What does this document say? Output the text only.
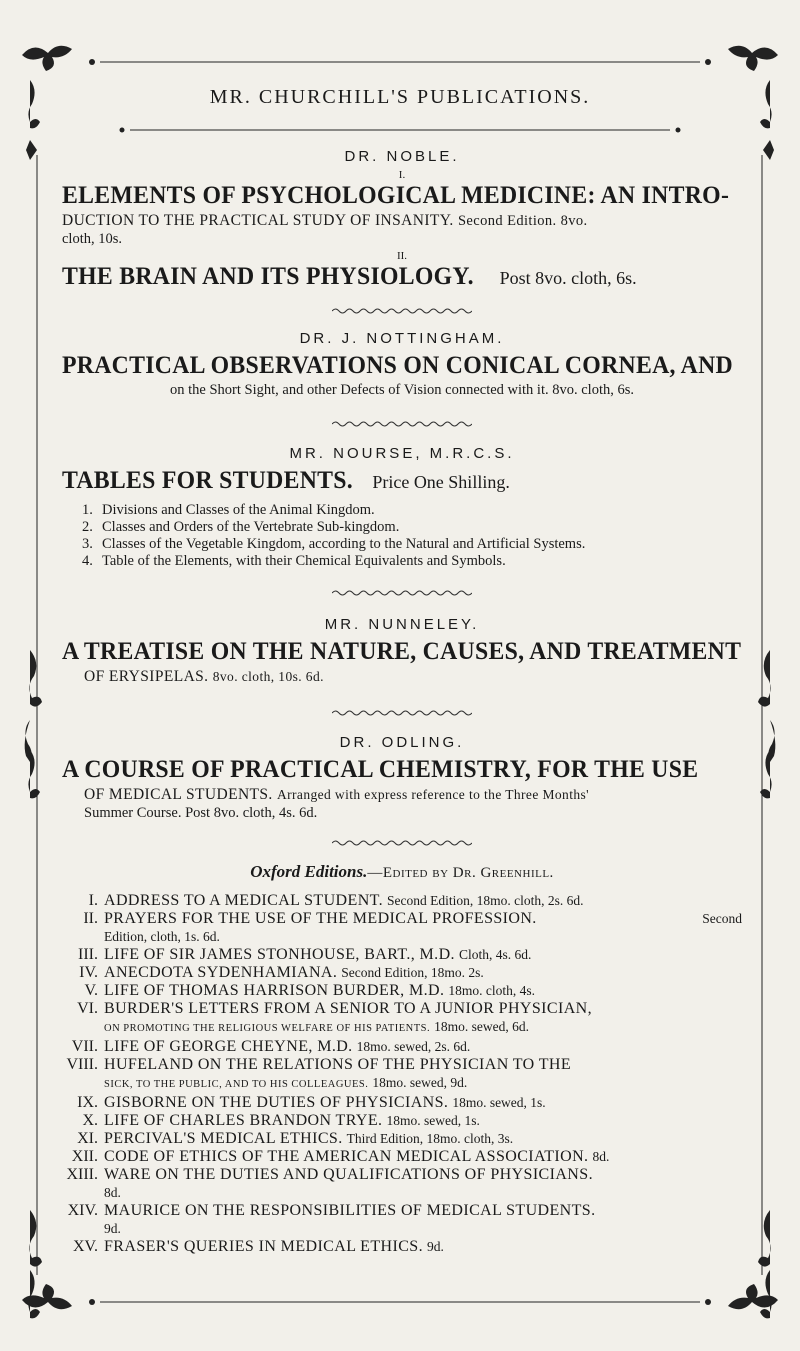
MR. CHURCHILL'S PUBLICATIONS.
DR. NOBLE.
I.
ELEMENTS OF PSYCHOLOGICAL MEDICINE: AN INTRO-
DUCTION TO THE PRACTICAL STUDY OF INSANITY. Second Edition. 8vo.
cloth, 10s.
II.
THE BRAIN AND ITS PHYSIOLOGY. Post 8vo. cloth, 6s.
DR. J. NOTTINGHAM.
PRACTICAL OBSERVATIONS ON CONICAL CORNEA, AND
on the Short Sight, and other Defects of Vision connected with it. 8vo. cloth, 6s.
MR. NOURSE, M.R.C.S.
TABLES FOR STUDENTS. Price One Shilling.
1. Divisions and Classes of the Animal Kingdom.
2. Classes and Orders of the Vertebrate Sub-kingdom.
3. Classes of the Vegetable Kingdom, according to the Natural and Artificial Systems.
4. Table of the Elements, with their Chemical Equivalents and Symbols.
MR. NUNNELEY.
A TREATISE ON THE NATURE, CAUSES, AND TREATMENT
OF ERYSIPELAS. 8vo. cloth, 10s. 6d.
DR. ODLING.
A COURSE OF PRACTICAL CHEMISTRY, FOR THE USE
OF MEDICAL STUDENTS. Arranged with express reference to the Three Months'
Summer Course. Post 8vo. cloth, 4s. 6d.
Oxford Editions.—Edited by Dr. Greenhill.
I. ADDRESS TO A MEDICAL STUDENT. Second Edition, 18mo. cloth, 2s. 6d.
II. PRAYERS FOR THE USE OF THE MEDICAL PROFESSION.	Second

Edition, cloth, 1s. 6d.
III. LIFE OF SIR JAMES STONHOUSE, BART., M.D. Cloth, 4s. 6d.
IV. ANECDOTA SYDENHAMIANA. Second Edition, 18mo. 2s.
V. LIFE OF THOMAS HARRISON BURDER, M.D. 18mo. cloth, 4s.
VI. BURDER'S LETTERS FROM A SENIOR TO A JUNIOR PHYSICIAN,
ON PROMOTING THE RELIGIOUS WELFARE OF HIS PATIENTS. 18mo. sewed, 6d.
VII. LIFE OF GEORGE CHEYNE, M.D. 18mo. sewed, 2s. 6d.
VIII. HUFELAND ON THE RELATIONS OF THE PHYSICIAN TO THE
SICK, TO THE PUBLIC, AND TO HIS COLLEAGUES. 18mo. sewed, 9d.
IX. GISBORNE ON THE DUTIES OF PHYSICIANS. 18mo. sewed, 1s.
X. LIFE OF CHARLES BRANDON TRYE. 18mo. sewed, 1s.
XI. PERCIVAL'S MEDICAL ETHICS. Third Edition, 18mo. cloth, 3s.
XII. CODE OF ETHICS OF THE AMERICAN MEDICAL ASSOCIATION. 8d.
XIII. WARE ON THE DUTIES AND QUALIFICATIONS OF PHYSICIANS.
8d.
XIV. MAURICE ON THE RESPONSIBILITIES OF MEDICAL STUDENTS.
9d.
XV. FRASER'S QUERIES IN MEDICAL ETHICS. 9d.
